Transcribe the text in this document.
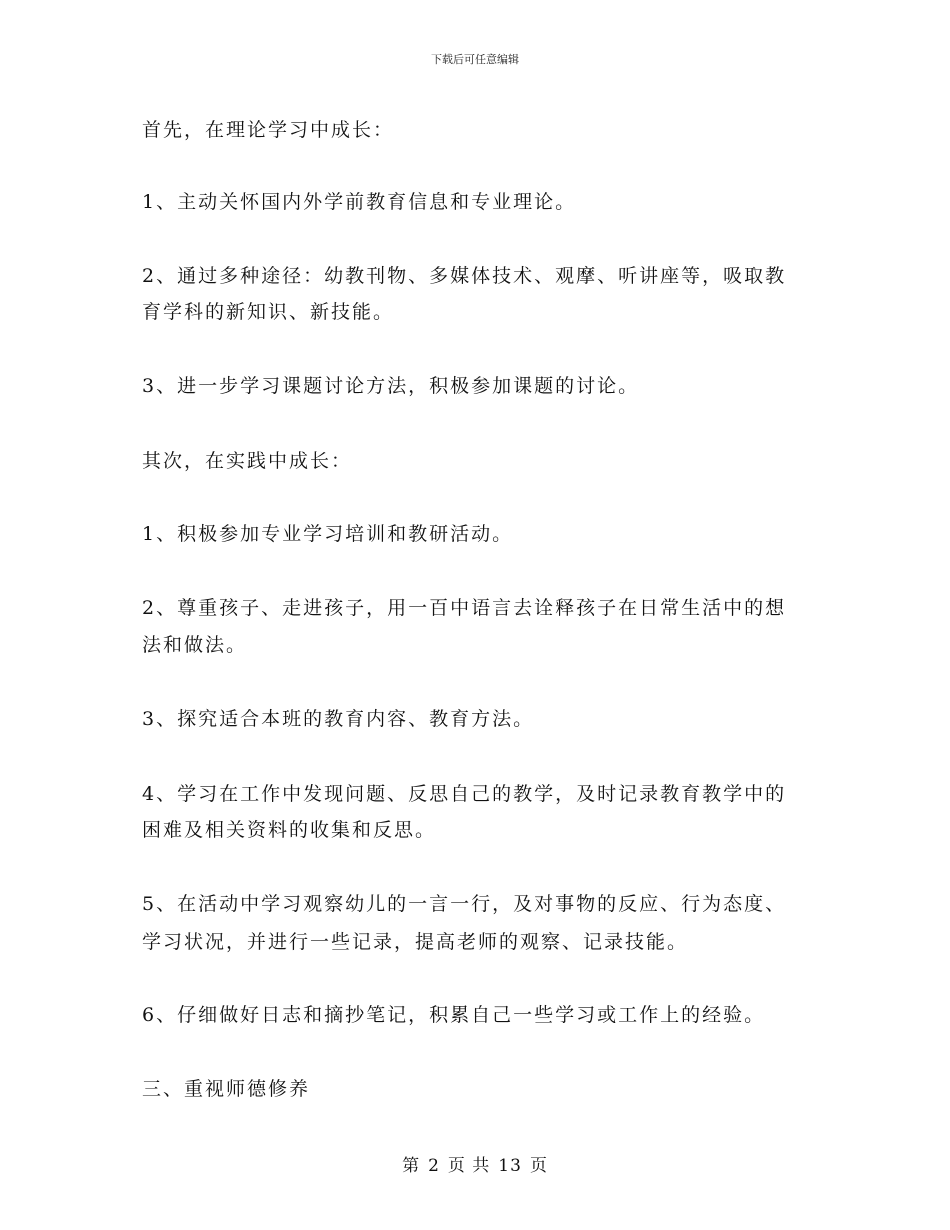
下载后可任意编辑
首先，在理论学习中成长：
1、主动关怀国内外学前教育信息和专业理论。
2、通过多种途径：幼教刊物、多媒体技术、观摩、听讲座等，吸取教
育学科的新知识、新技能。
3、进一步学习课题讨论方法，积极参加课题的讨论。
其次，在实践中成长：
1、积极参加专业学习培训和教研活动。
2、尊重孩子、走进孩子，用一百中语言去诠释孩子在日常生活中的想
法和做法。
3、探究适合本班的教育内容、教育方法。
4、学习在工作中发现问题、反思自己的教学，及时记录教育教学中的
困难及相关资料的收集和反思。
5、在活动中学习观察幼儿的一言一行，及对事物的反应、行为态度、
学习状况，并进行一些记录，提高老师的观察、记录技能。
6、仔细做好日志和摘抄笔记，积累自己一些学习或工作上的经验。
三、重视师德修养
第 2 页 共 13 页
